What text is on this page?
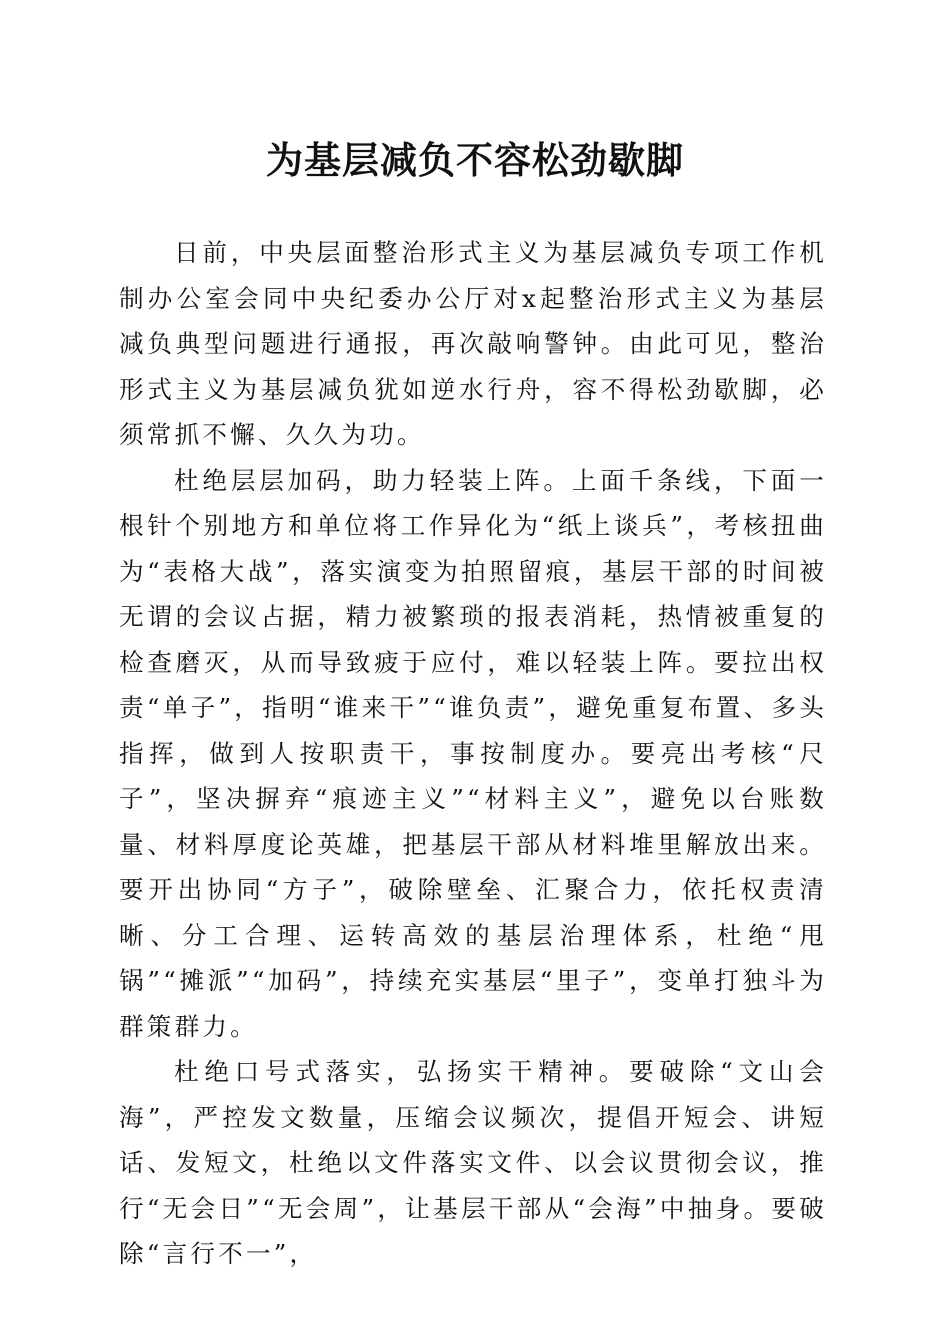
为基层减负不容松劲歇脚

日前，中央层面整治形式主义为基层减负专项工作机制办公室会同中央纪委办公厅对x起整治形式主义为基层减负典型问题进行通报，再次敲响警钟。由此可见，整治形式主义为基层减负犹如逆水行舟，容不得松劲歇脚，必须常抓不懈、久久为功。

杜绝层层加码，助力轻装上阵。上面千条线，下面一根针个别地方和单位将工作异化为“纸上谈兵”，考核扭曲为“表格大战”，落实演变为拍照留痕，基层干部的时间被无谓的会议占据，精力被繁琐的报表消耗，热情被重复的检查磨灭，从而导致疲于应付，难以轻装上阵。要拉出权责“单子”，指明“谁来干”“谁负责”，避免重复布置、多头指挥，做到人按职责干，事按制度办。要亮出考核“尺子”，坚决摒弃“痕迹主义”“材料主义”，避免以台账数量、材料厚度论英雄，把基层干部从材料堆里解放出来。要开出协同“方子”，破除壁垒、汇聚合力，依托权责清晰、分工合理、运转高效的基层治理体系，杜绝“甩锅”“摊派”“加码”，持续充实基层“里子”，变单打独斗为群策群力。

杜绝口号式落实，弘扬实干精神。要破除“文山会海”，严控发文数量，压缩会议频次，提倡开短会、讲短话、发短文，杜绝以文件落实文件、以会议贯彻会议，推行“无会日”“无会周”，让基层干部从“会海”中抽身。要破除“言行不一”，
